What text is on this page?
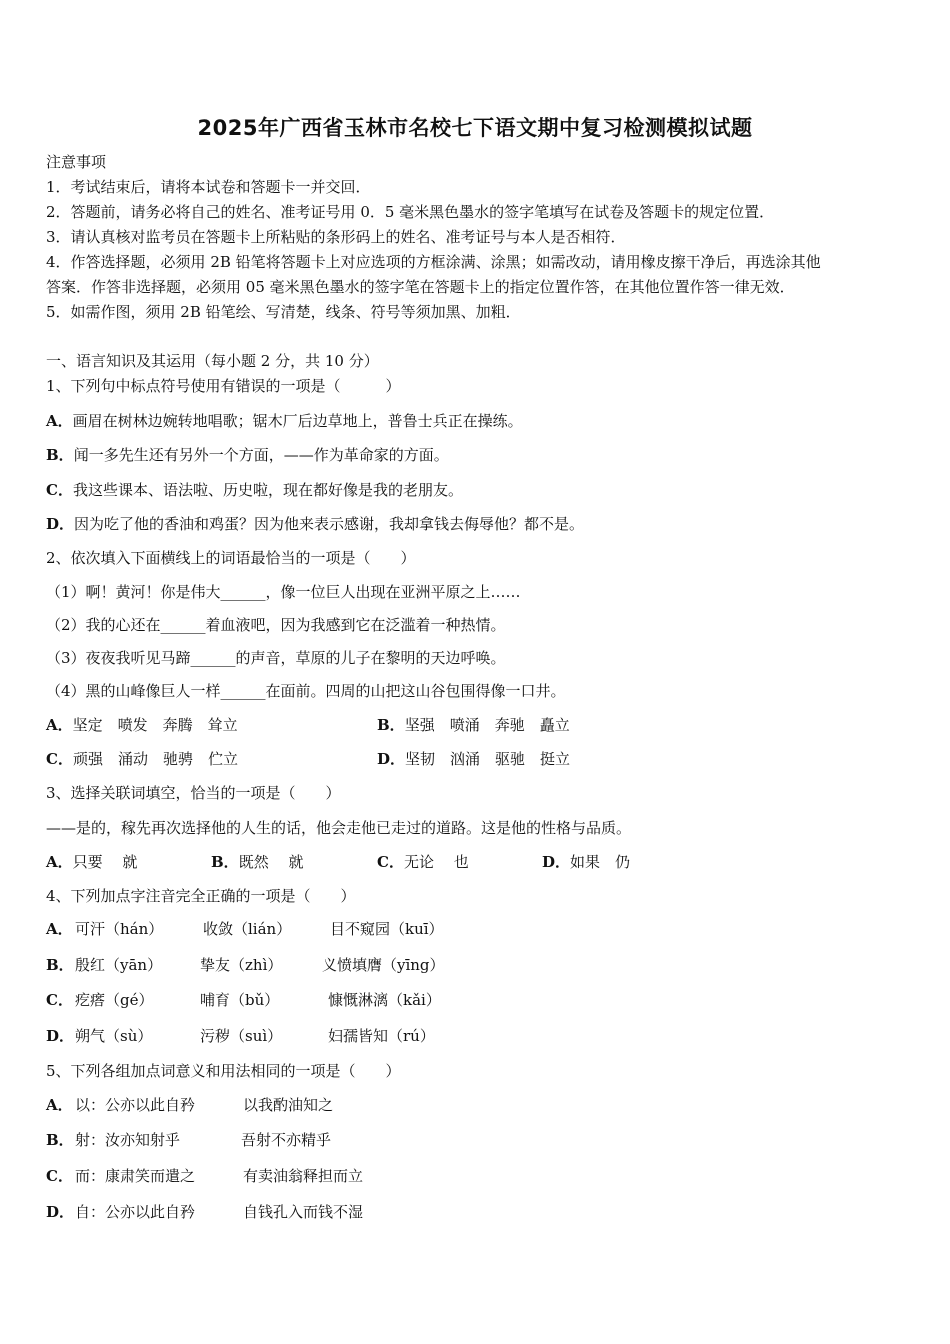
2025年广西省玉林市名校七下语文期中复习检测模拟试题
注意事项
1．考试结束后，请将本试卷和答题卡一并交回．
2．答题前，请务必将自己的姓名、准考证号用 0．5 毫米黑色墨水的签字笔填写在试卷及答题卡的规定位置．
3．请认真核对监考员在答题卡上所粘贴的条形码上的姓名、准考证号与本人是否相符．
4．作答选择题，必须用 2B 铅笔将答题卡上对应选项的方框涂满、涂黑；如需改动，请用橡皮擦干净后，再选涂其他
答案．作答非选择题，必须用 05 毫米黑色墨水的签字笔在答题卡上的指定位置作答，在其他位置作答一律无效．
5．如需作图，须用 2B 铅笔绘、写清楚，线条、符号等须加黑、加粗．
一、语言知识及其运用（每小题 2 分，共 10 分）
1、下列句中标点符号使用有错误的一项是（　　　）
A．画眉在树林边婉转地唱歌；锯木厂后边草地上，普鲁士兵正在操练。
B．闻一多先生还有另外一个方面，——作为革命家的方面。
C．我这些课本、语法啦、历史啦，现在都好像是我的老朋友。
D．因为吃了他的香油和鸡蛋？因为他来表示感谢，我却拿钱去侮辱他？都不是。
2、依次填入下面横线上的词语最恰当的一项是（　　）
（1）啊！黄河！你是伟大______，像一位巨人出现在亚洲平原之上……
（2）我的心还在______着血液吧，因为我感到它在泛滥着一种热情。
（3）夜夜我听见马蹄______的声音，草原的儿子在黎明的天边呼唤。
（4）黑的山峰像巨人一样______在面前。四周的山把这山谷包围得像一口井。
A．坚定　喷发　奔腾　耸立	B．坚强　喷涌　奔驰　矗立
C．顽强　涌动　驰骋　伫立	D．坚韧　汹涌　驱驰　挺立
3、选择关联词填空，恰当的一项是（　　）
——是的，稼先再次选择他的人生的话，他会走他已走过的道路。这是他的性格与品质。
A．只要　 就	B．既然　 就	C．无论　 也	D．如果　仍
4、下列加点字注音完全正确的一项是（　　）
A． 可汗（hán）	收敛（lián）	目不窥园（kuī）
B． 殷红（yān）	挚友（zhì）	义愤填膺（yīng）
C． 疙瘩（gé）	哺育（bǔ）	慷慨淋漓（kǎi）
D． 朔气（sù）	污秽（suì）	妇孺皆知（rú）
5、下列各组加点词意义和用法相同的一项是（　　）
A． 以：公亦以此自矜	以我酌油知之
B． 射：汝亦知射乎	吾射不亦精乎
C． 而：康肃笑而遣之	有卖油翁释担而立
D． 自：公亦以此自矜	自钱孔入而钱不湿
